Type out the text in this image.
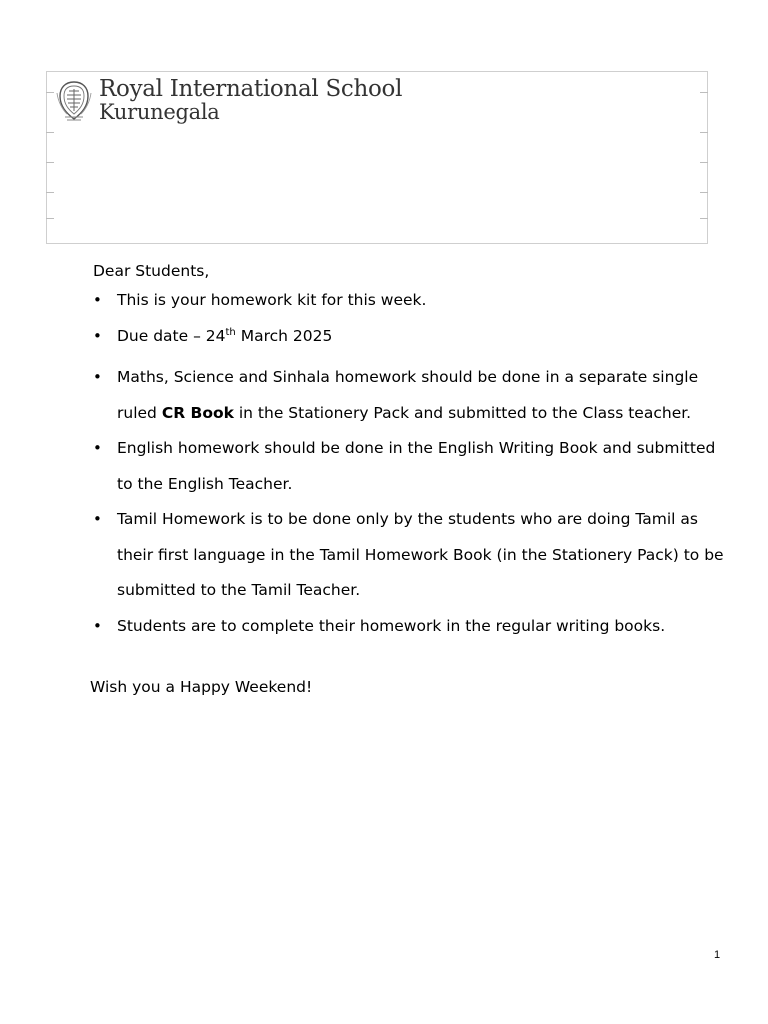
Royal International School
Kurunegala
Dear Students,
• This is your homework kit for this week.
• Due date – 24th March 2025
• Maths, Science and Sinhala homework should be done in a separate single ruled CR Book in the Stationery Pack and submitted to the Class teacher.
• English homework should be done in the English Writing Book and submitted to the English Teacher.
• Tamil Homework is to be done only by the students who are doing Tamil as their first language in the Tamil Homework Book (in the Stationery Pack) to be submitted to the Tamil Teacher.
• Students are to complete their homework in the regular writing books.
Wish you a Happy Weekend!
1
